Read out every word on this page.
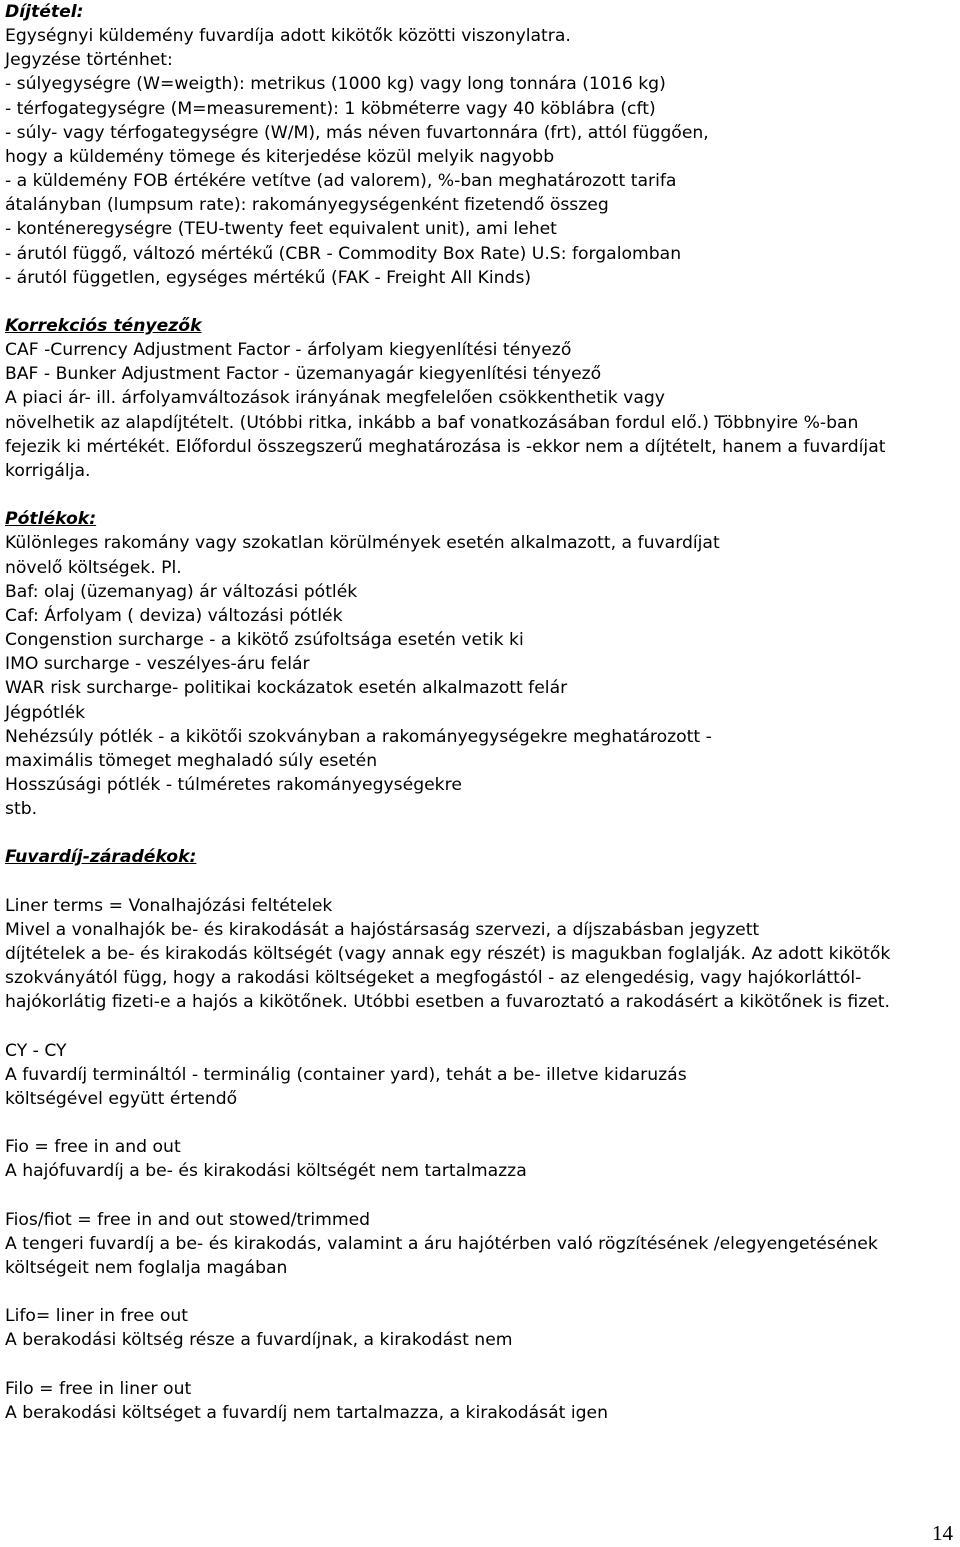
Díjtétel:
Egységnyi küldemény fuvardíja adott kikötők közötti viszonylatra.
Jegyzése történhet:
- súlyegységre (W=weigth): metrikus (1000 kg) vagy long tonnára (1016 kg)
- térfogategységre (M=measurement): 1 köbméterre vagy 40 köblábra (cft)
- súly- vagy térfogategységre (W/M), más néven fuvartonnára (frt), attól függően,
hogy a küldemény tömege és kiterjedése közül melyik nagyobb
- a küldemény FOB értékére vetítve (ad valorem), %-ban meghatározott tarifa
átalányban (lumpsum rate): rakományegységenként fizetendő összeg
- konténeregységre (TEU-twenty feet equivalent unit), ami lehet
- árutól függő, változó mértékű (CBR - Commodity Box Rate) U.S: forgalomban
- árutól független, egységes mértékű (FAK - Freight All Kinds)
Korrekciós tényezők
CAF -Currency Adjustment Factor - árfolyam kiegyenlítési tényező
BAF - Bunker Adjustment Factor - üzemanyagár kiegyenlítési tényező
A piaci ár- ill. árfolyamváltozások irányának megfelelően csökkenthetik vagy
növelhetik az alapdíjtételt. (Utóbbi ritka, inkább a baf vonatkozásában fordul elő.) Többnyire %-ban
fejezik ki mértékét. Előfordul összegszerű meghatározása is -ekkor nem a díjtételt, hanem a fuvardíjat
korrigálja.
Pótlékok:
Különleges rakomány vagy szokatlan körülmények esetén alkalmazott, a fuvardíjat
növelő költségek. Pl.
Baf: olaj (üzemanyag) ár változási pótlék
Caf: Árfolyam ( deviza) változási pótlék
Congenstion surcharge - a kikötő zsúfoltsága esetén vetik ki
IMO surcharge - veszélyes-áru felár
WAR risk surcharge- politikai kockázatok esetén alkalmazott felár
Jégpótlék
Nehézsúly pótlék - a kikötői szokványban a rakományegységekre meghatározott -
maximális tömeget meghaladó súly esetén
Hosszúsági pótlék - túlméretes rakományegységekre
stb.
Fuvardíj-záradékok:
Liner terms = Vonalhajózási feltételek
Mivel a vonalhajók be- és kirakodását a hajóstársaság szervezi, a díjszabásban jegyzett
díjtételek a be- és kirakodás költségét (vagy annak egy részét) is magukban foglalják. Az adott kikötők
szokványától függ, hogy a rakodási költségeket a megfogástól - az elengedésig, vagy hajókorláttól-
hajókorlátig fizeti-e a hajós a kikötőnek. Utóbbi esetben a fuvaroztató a rakodásért a kikötőnek is fizet.
CY - CY
A fuvardíj termináltól - terminálig (container yard), tehát a be- illetve kidaruzás
költségével együtt értendő
Fio = free in and out
A hajófuvardíj a be- és kirakodási költségét nem tartalmazza
Fios/fiot = free in and out stowed/trimmed
A tengeri fuvardíj a be- és kirakodás, valamint a áru hajótérben való rögzítésének /elegyengetésének
költségeit nem foglalja magában
Lifo= liner in free out
A berakodási költség része a fuvardíjnak, a kirakodást nem
Filo = free in liner out
A berakodási költséget a fuvardíj nem tartalmazza, a kirakodását igen
14
